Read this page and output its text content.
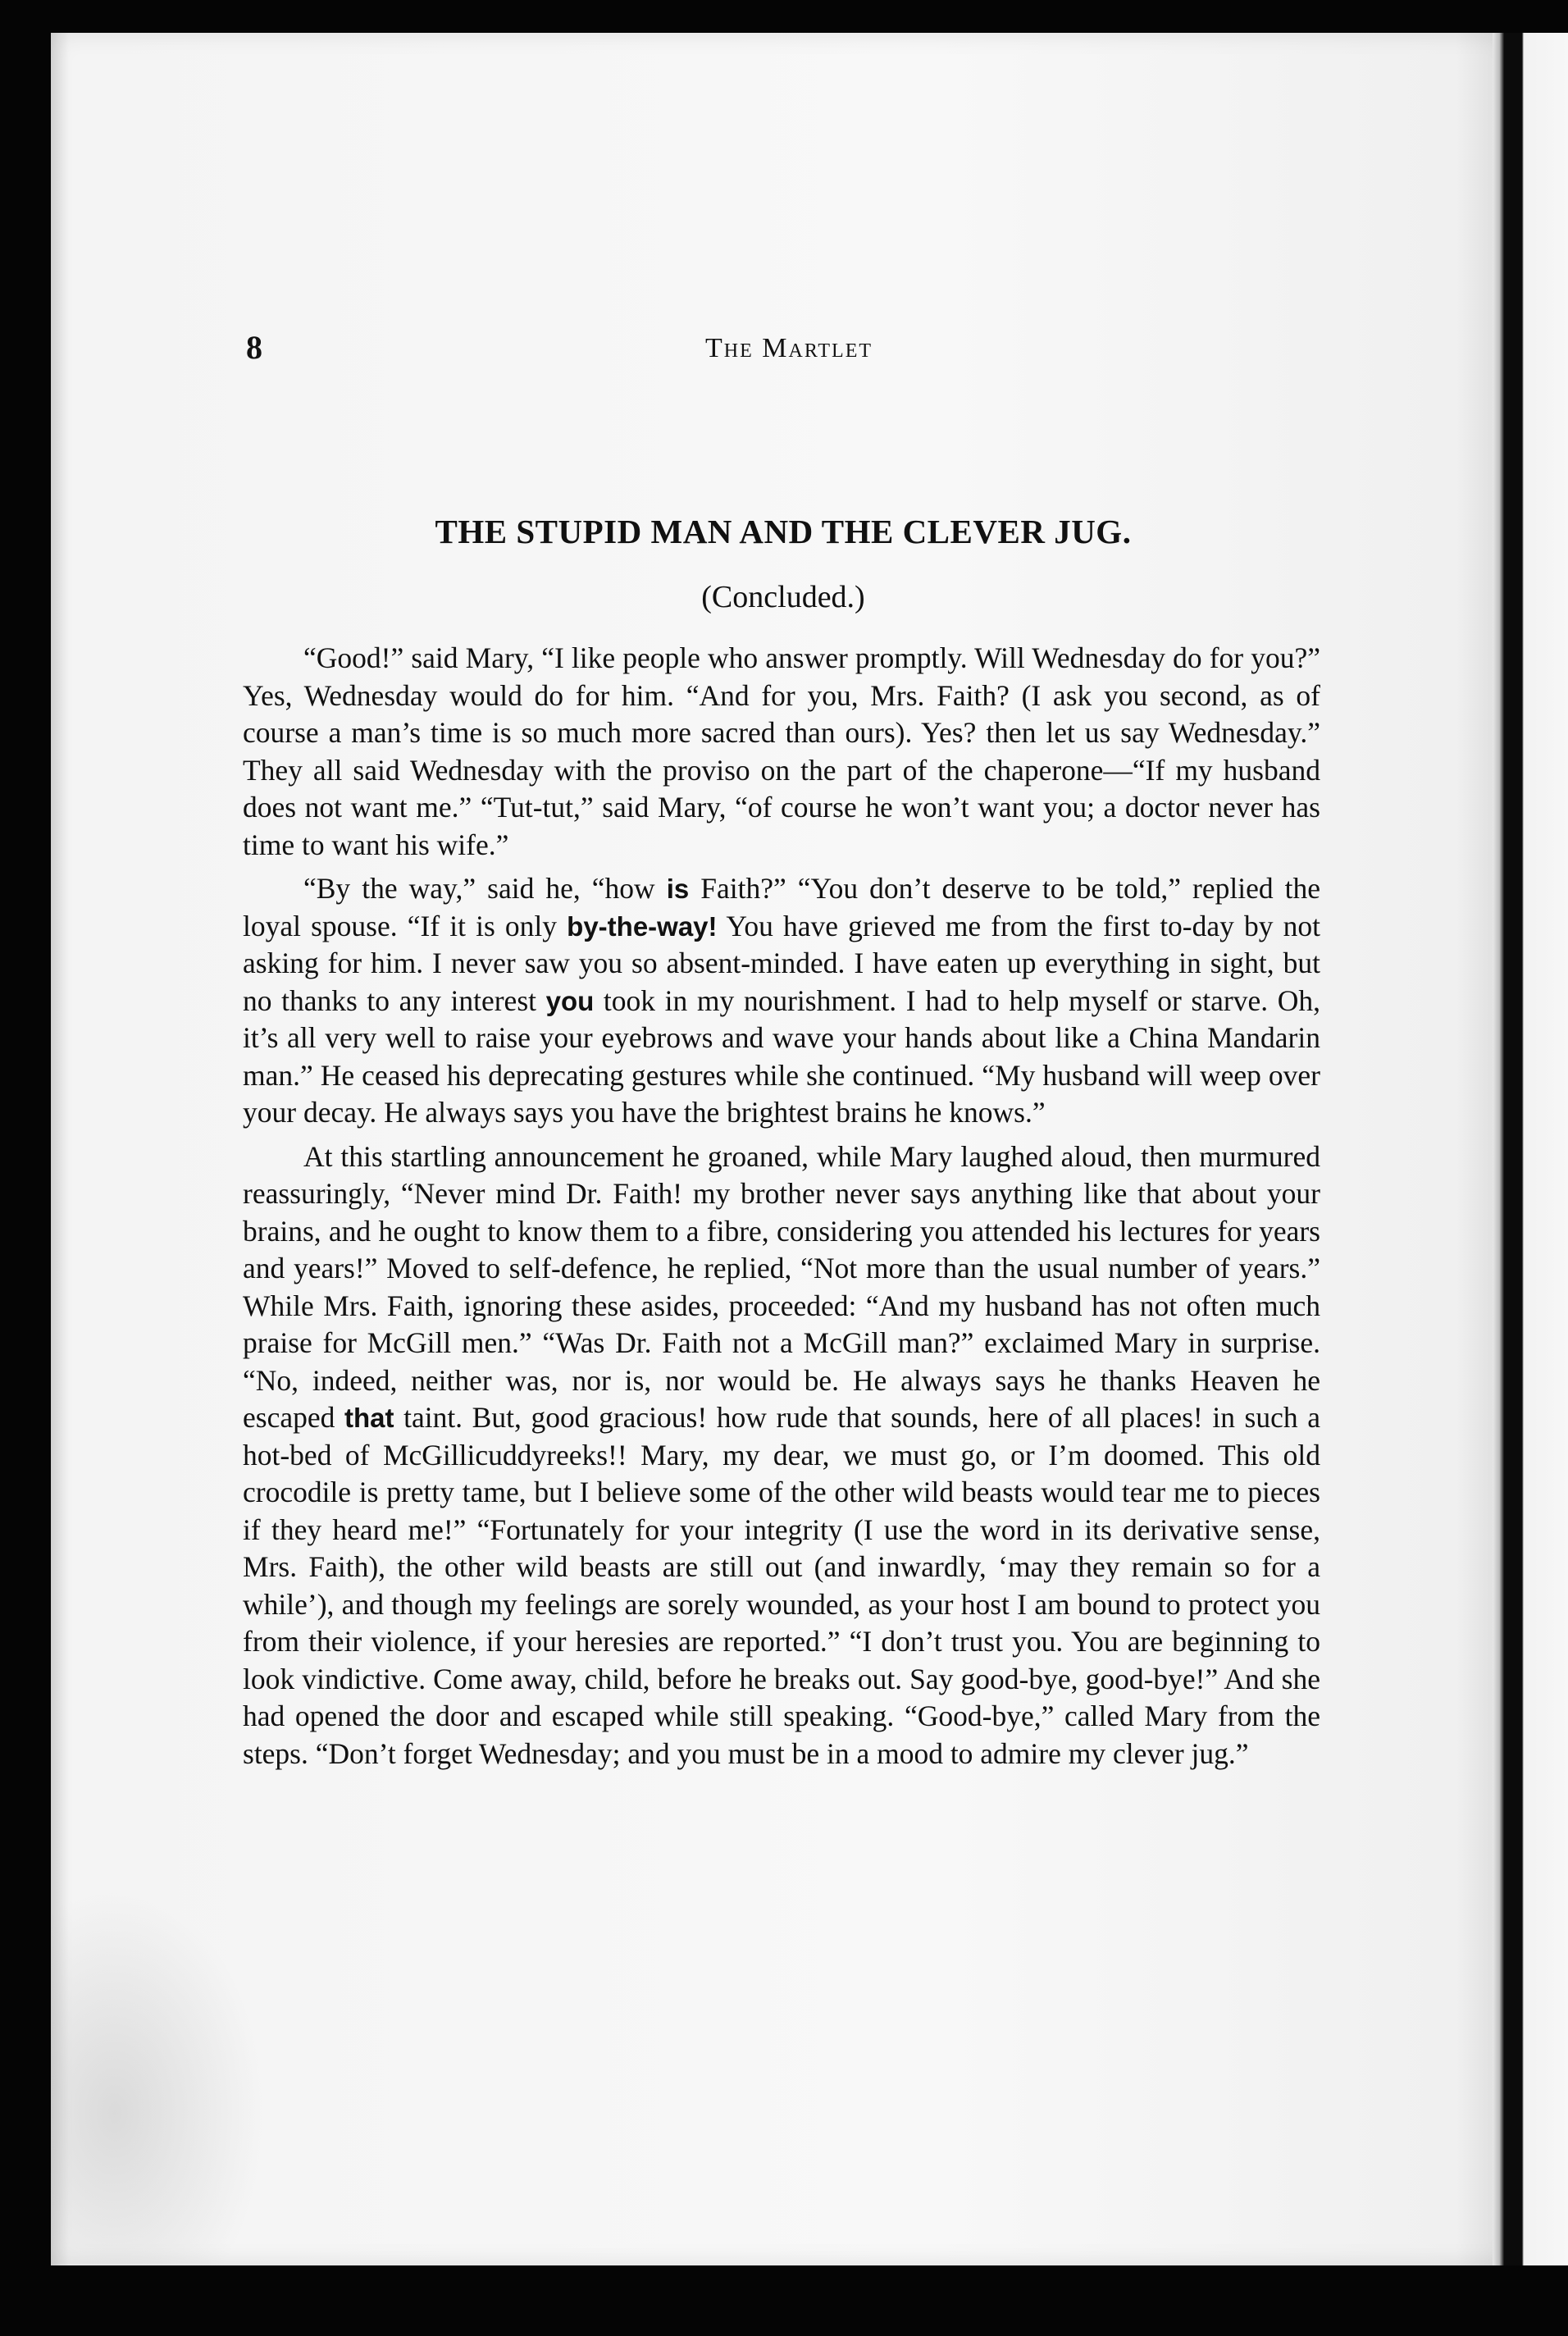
8	The Martlet
THE STUPID MAN AND THE CLEVER JUG.
(Concluded.)

“Good!” said Mary, “I like people who answer promptly. Will Wednesday do for you?” Yes, Wednesday would do for him. “And for you, Mrs. Faith? (I ask you second, as of course a man’s time is so much more sacred than ours). Yes? then let us say Wednesday.” They all said Wednesday with the proviso on the part of the chaperone—“If my husband does not want me.” “Tut-tut,” said Mary, “of course he won’t want you; a doctor never has time to want his wife.”

“By the way,” said he, “how is Faith?” “You don’t deserve to be told,” replied the loyal spouse. “If it is only by-the-way! You have grieved me from the first to-day by not asking for him. I never saw you so absent-minded. I have eaten up everything in sight, but no thanks to any interest you took in my nourishment. I had to help myself or starve. Oh, it’s all very well to raise your eyebrows and wave your hands about like a China Mandarin man.” He ceased his deprecating gestures while she continued. “My husband will weep over your decay. He always says you have the brightest brains he knows.”

At this startling announcement he groaned, while Mary laughed aloud, then murmured reassuringly, “Never mind Dr. Faith! my brother never says anything like that about your brains, and he ought to know them to a fibre, considering you attended his lectures for years and years!” Moved to self-defence, he replied, “Not more than the usual number of years.” While Mrs. Faith, ignoring these asides, proceeded: “And my husband has not often much praise for McGill men.” “Was Dr. Faith not a McGill man?” exclaimed Mary in surprise. “No, indeed, neither was, nor is, nor would be. He always says he thanks Heaven he escaped that taint. But, good gracious! how rude that sounds, here of all places! in such a hot-bed of McGillicuddyreeks!! Mary, my dear, we must go, or I’m doomed. This old crocodile is pretty tame, but I believe some of the other wild beasts would tear me to pieces if they heard me!” “Fortunately for your integrity (I use the word in its derivative sense, Mrs. Faith), the other wild beasts are still out (and inwardly, ‘may they remain so for a while’), and though my feelings are sorely wounded, as your host I am bound to protect you from their violence, if your heresies are reported.” “I don’t trust you. You are beginning to look vindictive. Come away, child, before he breaks out. Say good-bye, good-bye!” And she had opened the door and escaped while still speaking. “Good-bye,” called Mary from the steps. “Don’t forget Wednesday; and you must be in a mood to admire my clever jug.”
